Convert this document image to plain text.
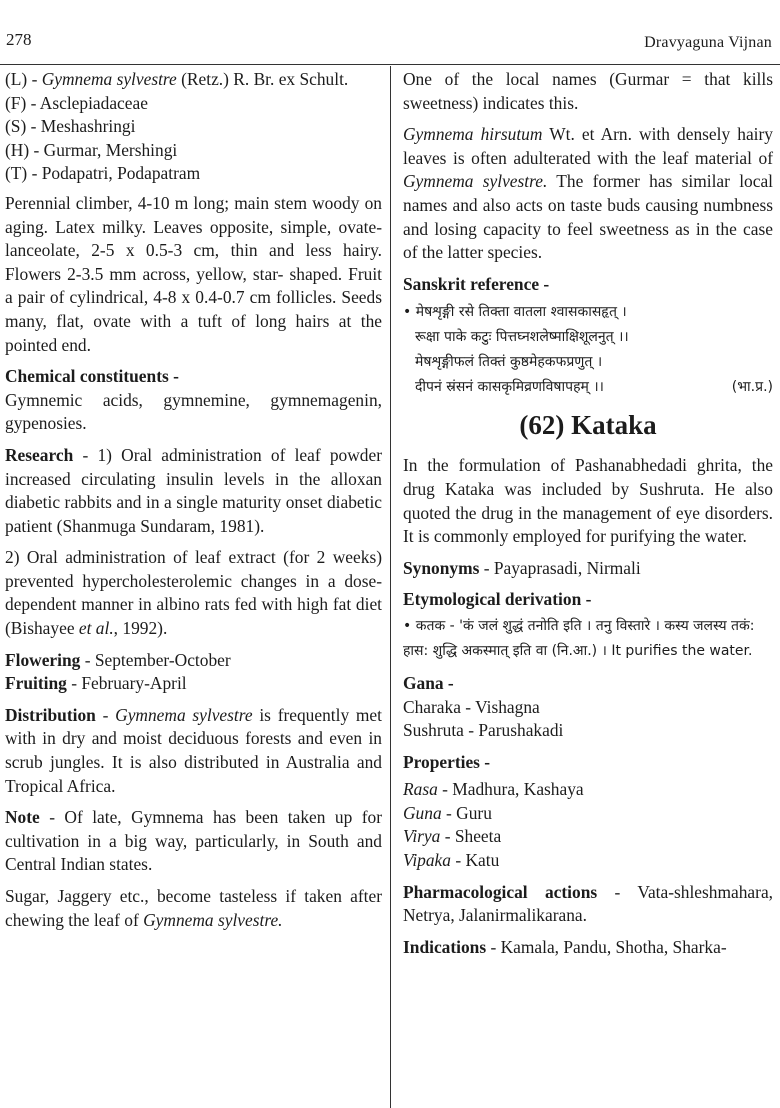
278	Dravyaguna Vijnan
(L) - Gymnema sylvestre (Retz.) R. Br. ex Schult.
(F) - Asclepiadaceae
(S) - Meshashringi
(H) - Gurmar, Mershingi
(T) - Podapatri, Podapatram

Perennial climber, 4-10 m long; main stem woody on aging. Latex milky. Leaves opposite, simple, ovate-lanceolate, 2-5 x 0.5-3 cm, thin and less hairy. Flowers 2-3.5 mm across, yellow, star- shaped. Fruit a pair of cylindrical, 4-8 x 0.4-0.7 cm follicles. Seeds many, flat, ovate with a tuft of long hairs at the pointed end.

Chemical constituents -

Gymnemic acids, gymnemine, gymnemagenin, gypenosies.

Research - 1) Oral administration of leaf powder increased circulating insulin levels in the alloxan diabetic rabbits and in a single maturity onset diabetic patient (Shanmuga Sundaram, 1981).

2) Oral administration of leaf extract (for 2 weeks) prevented hypercholesterolemic changes in a dose-dependent manner in albino rats fed with high fat diet (Bishayee et al., 1992).

Flowering - September-October

Fruiting - February-April

Distribution - Gymnema sylvestre is frequently met with in dry and moist deciduous forests and even in scrub jungles. It is also distributed in Australia and Tropical Africa.

Note - Of late, Gymnema has been taken up for cultivation in a big way, particularly, in South and Central Indian states.

Sugar, Jaggery etc., become tasteless if taken after chewing the leaf of Gymnema sylvestre.

One of the local names (Gurmar = that kills sweetness) indicates this.

Gymnema hirsutum Wt. et Arn. with densely hairy leaves is often adulterated with the leaf material of Gymnema sylvestre. The former has similar local names and also acts on taste buds causing numbness and losing capacity to feel sweetness as in the case of the latter species.

Sanskrit reference -

• मेषशृङ्गी रसे तिक्ता वातला श्वासकासहृत् ।
रूक्षा पाके कटुः पित्तघ्नशलेष्माक्षिशूलनुत् ।।
मेषशृङ्गीफलं तिक्तं कुष्ठमेहकफप्रणुत् ।
दीपनं स्रंसनं कासकृमिव्रणविषापहम् ।।	(भा.प्र.)
(62) Kataka

In the formulation of Pashanabhedadi ghrita, the drug Kataka was included by Sushruta. He also quoted the drug in the management of eye disorders. It is commonly employed for purifying the water.

Synonyms - Payaprasadi, Nirmali

Etymological derivation -

• कतक - 'कं जलं शुद्धं तनोति इति । तनु विस्तारे । कस्य जलस्य तकं: हास: शुद्धि अकस्मात् इति वा (नि.आ.) । It purifies the water.

Gana -

Charaka - Vishagna
Sushruta - Parushakadi

Properties -

Rasa - Madhura, Kashaya
Guna - Guru
Virya - Sheeta
Vipaka - Katu

Pharmacological actions - Vata-shleshmahara, Netrya, Jalanirmalikarana.

Indications - Kamala, Pandu, Shotha, Sharka-
